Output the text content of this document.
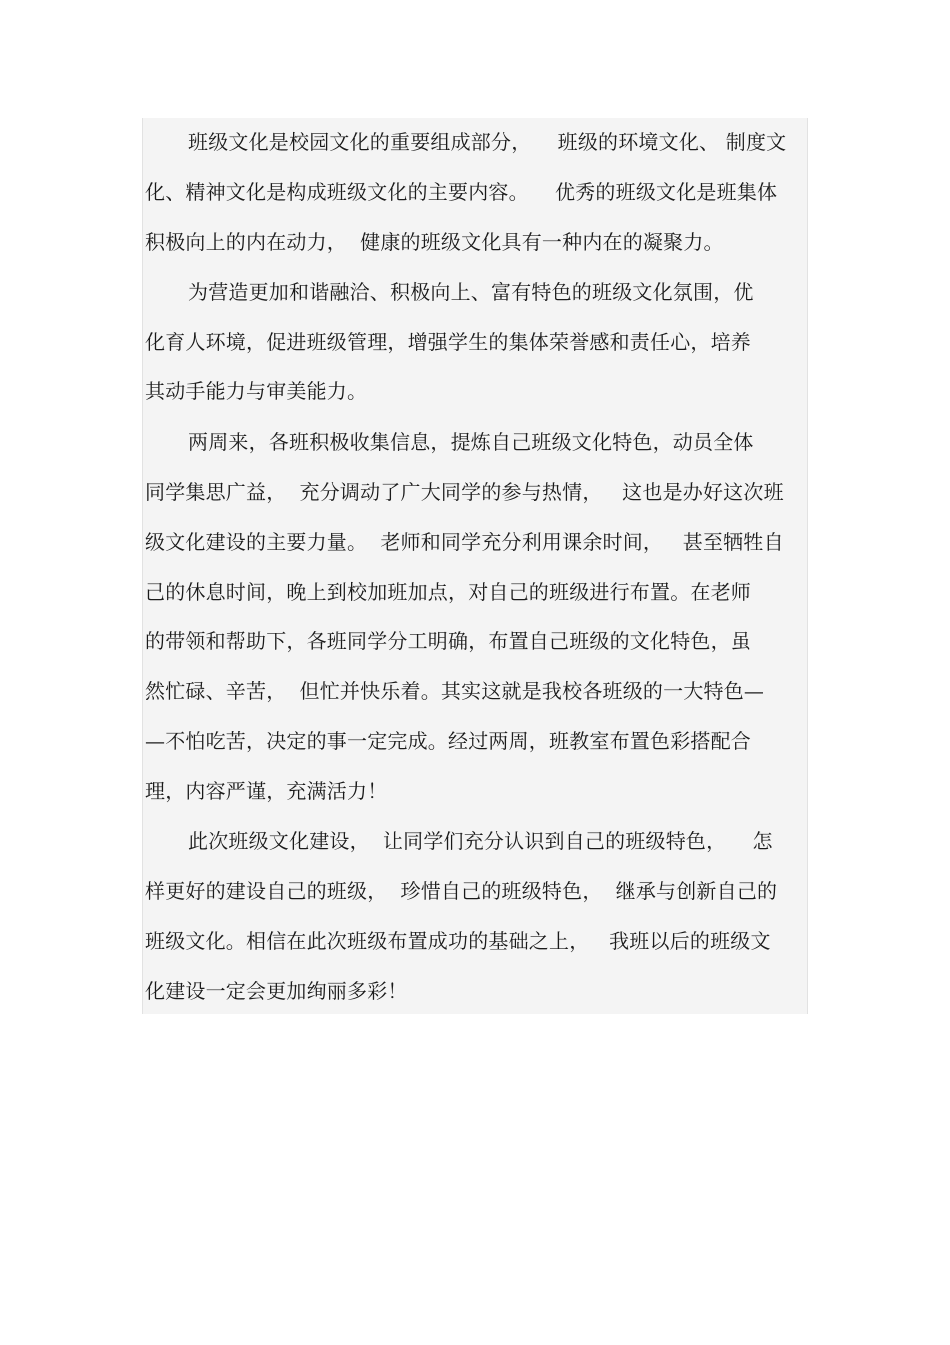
班级文化是校园文化的重要组成部分，    班级的环境文化、 制度文
化、精神文化是构成班级文化的主要内容。    优秀的班级文化是班集体
积极向上的内在动力，  健康的班级文化具有一种内在的凝聚力。
为营造更加和谐融洽、积极向上、富有特色的班级文化氛围，优
化育人环境，促进班级管理，增强学生的集体荣誉感和责任心，培养
其动手能力与审美能力。
两周来，各班积极收集信息，提炼自己班级文化特色，动员全体
同学集思广益，  充分调动了广大同学的参与热情，   这也是办好这次班
级文化建设的主要力量。  老师和同学充分利用课余时间，   甚至牺牲自
己的休息时间，晚上到校加班加点，对自己的班级进行布置。在老师
的带领和帮助下，各班同学分工明确，布置自己班级的文化特色，虽
然忙碌、辛苦，  但忙并快乐着。其实这就是我校各班级的一大特色—
—不怕吃苦，决定的事一定完成。经过两周，班教室布置色彩搭配合
理，内容严谨，充满活力！
此次班级文化建设，  让同学们充分认识到自己的班级特色，    怎
样更好的建设自己的班级，  珍惜自己的班级特色，  继承与创新自己的
班级文化。相信在此次班级布置成功的基础之上，   我班以后的班级文
化建设一定会更加绚丽多彩！
